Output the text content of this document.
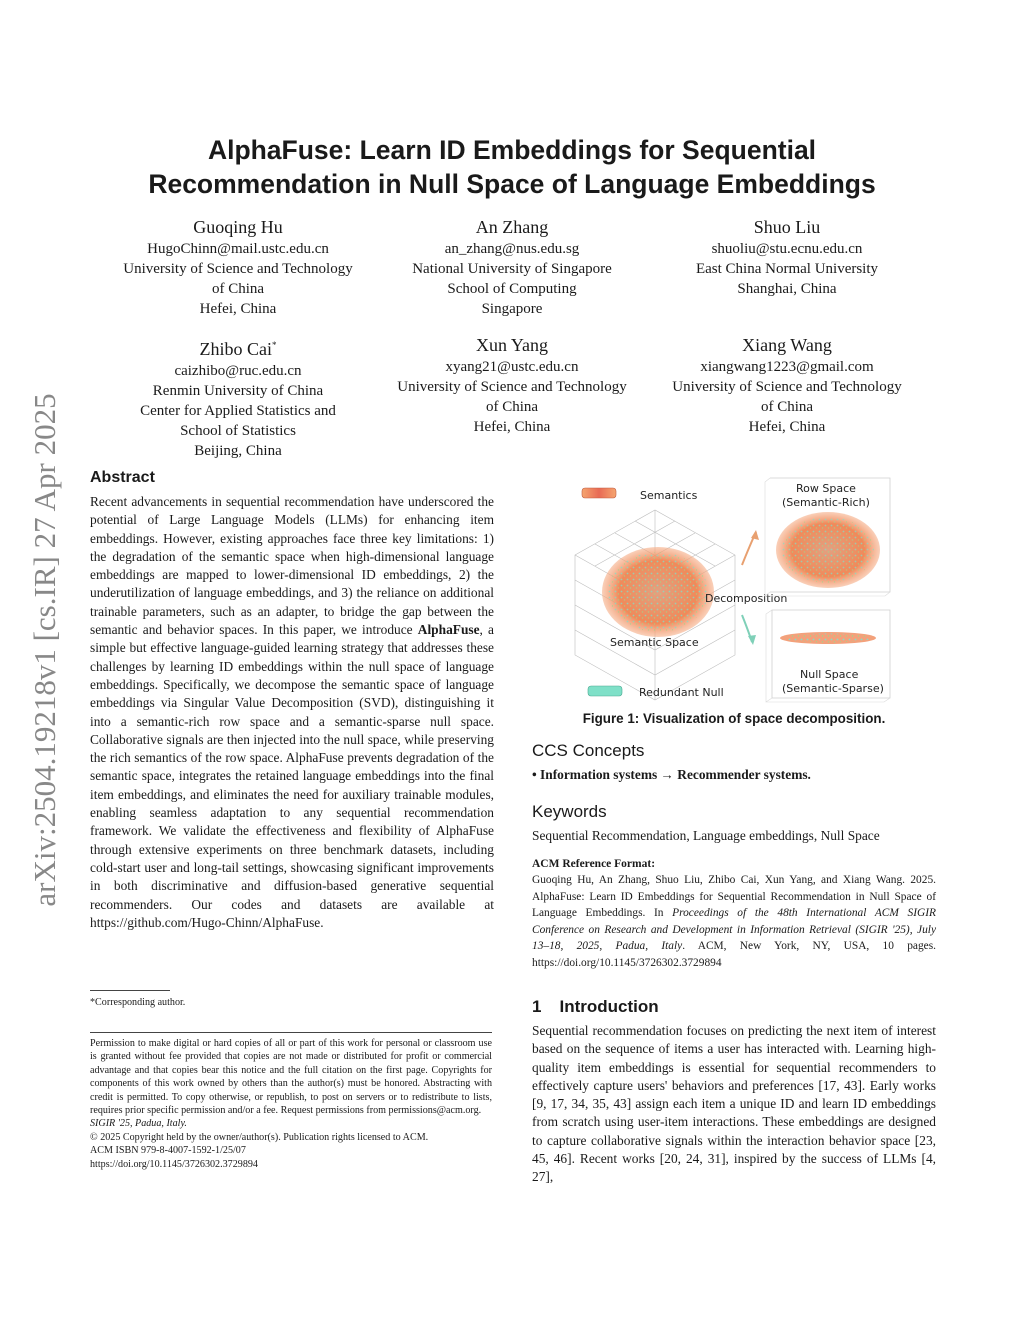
arXiv:2504.19218v1 [cs.IR] 27 Apr 2025
AlphaFuse: Learn ID Embeddings for Sequential
Recommendation in Null Space of Language Embeddings
Guoqing Hu
HugoChinn@mail.ustc.edu.cn
University of Science and Technology
of China
Hefei, China
An Zhang
an_zhang@nus.edu.sg
National University of Singapore
School of Computing
Singapore
Shuo Liu
shuoliu@stu.ecnu.edu.cn
East China Normal University
Shanghai, China
Zhibo Cai*
caizhibo@ruc.edu.cn
Renmin University of China
Center for Applied Statistics and
School of Statistics
Beijing, China
Xun Yang
xyang21@ustc.edu.cn
University of Science and Technology
of China
Hefei, China
Xiang Wang
xiangwang1223@gmail.com
University of Science and Technology
of China
Hefei, China
Abstract

Recent advancements in sequential recommendation have underscored the potential of Large Language Models (LLMs) for enhancing item embeddings. However, existing approaches face three key limitations: 1) the degradation of the semantic space when high-dimensional language embeddings are mapped to lower-dimensional ID embeddings, 2) the underutilization of language embeddings, and 3) the reliance on additional trainable parameters, such as an adapter, to bridge the gap between the semantic and behavior spaces. In this paper, we introduce AlphaFuse, a simple but effective language-guided learning strategy that addresses these challenges by learning ID embeddings within the null space of language embeddings. Specifically, we decompose the semantic space of language embeddings via Singular Value Decomposition (SVD), distinguishing it into a semantic-rich row space and a semantic-sparse null space. Collaborative signals are then injected into the null space, while preserving the rich semantics of the row space. AlphaFuse prevents degradation of the semantic space, integrates the retained language embeddings into the final item embeddings, and eliminates the need for auxiliary trainable modules, enabling seamless adaptation to any sequential recommendation framework. We validate the effectiveness and flexibility of AlphaFuse through extensive experiments on three benchmark datasets, including cold-start user and long-tail settings, showcasing significant improvements in both discriminative and diffusion-based generative sequential recommenders. Our codes and datasets are available at https://github.com/Hugo-Chinn/AlphaFuse.

*Corresponding author.
Permission to make digital or hard copies of all or part of this work for personal or classroom use is granted without fee provided that copies are not made or distributed for profit or commercial advantage and that copies bear this notice and the full citation on the first page. Copyrights for components of this work owned by others than the author(s) must be honored. Abstracting with credit is permitted. To copy otherwise, or republish, to post on servers or to redistribute to lists, requires prior specific permission and/or a fee. Request permissions from permissions@acm.org.
SIGIR '25, Padua, Italy.
© 2025 Copyright held by the owner/author(s). Publication rights licensed to ACM.
ACM ISBN 979-8-4007-1592-1/25/07
https://doi.org/10.1145/3726302.3729894
Semantics
Semantic Space
Redundant Null
Decomposition
Row Space
(Semantic-Rich)
Null Space
(Semantic-Sparse)
Figure 1: Visualization of space decomposition.
CCS Concepts
• Information systems → Recommender systems.
Keywords
Sequential Recommendation, Language embeddings, Null Space
ACM Reference Format:
Guoqing Hu, An Zhang, Shuo Liu, Zhibo Cai, Xun Yang, and Xiang Wang. 2025. AlphaFuse: Learn ID Embeddings for Sequential Recommendation in Null Space of Language Embeddings. In Proceedings of the 48th International ACM SIGIR Conference on Research and Development in Information Retrieval (SIGIR '25), July 13–18, 2025, Padua, Italy. ACM, New York, NY, USA, 10 pages. https://doi.org/10.1145/3726302.3729894
1 Introduction

Sequential recommendation focuses on predicting the next item of interest based on the sequence of items a user has interacted with. Learning high-quality item embeddings is essential for sequential recommenders to effectively capture users' behaviors and preferences [17, 43]. Early works [9, 17, 34, 35, 43] assign each item a unique ID and learn ID embeddings from scratch using user-item interactions. These embeddings are designed to capture collaborative signals within the interaction behavior space [23, 45, 46]. Recent works [20, 24, 31], inspired by the success of LLMs [4, 27],
